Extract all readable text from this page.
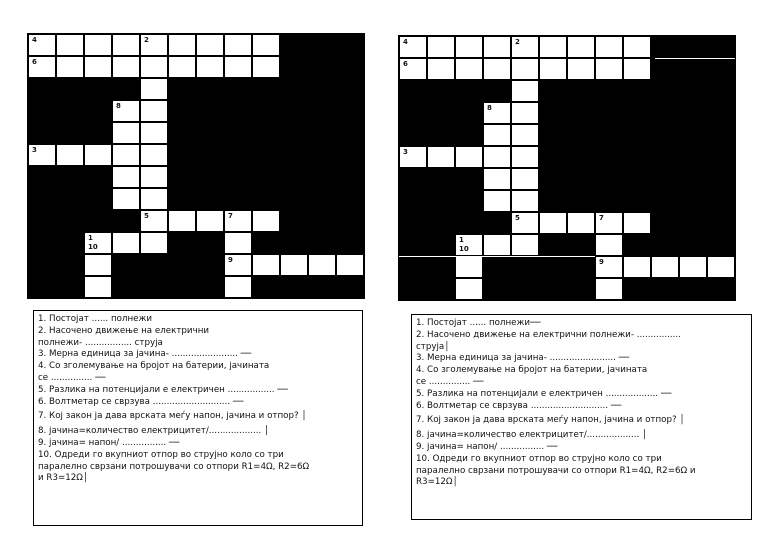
4	2
6
8
3
5	7
1
10
9
4	2
6
8
3
5	7
1
10
9

1. Постојат ...... полнежи

2. Насочено движење на електрични
полнежи- ................. струја

3. Мерна единица за јачина- ........................ ──

4. Со зголемување на бројот на батерии, јачината
се ............... ──

5. Разлика на потенцијали е електричен ................. ──

6. Волтметар се сврзува ............................ ──

7. Кој закон ја дава врската меѓу напон, јачина и отпор? │

8. јачина=количество електрицитет/................... │

9. јачина= напон/ ................ ──

10. Одреди го вкупниот отпор во струјно коло со три
паралелно сврзани потрошувачи со отпори R1=4Ω, R2=6Ω
и R3=12Ω│

1. Постојат ...... полнежи──

2. Насочено движење на електрични полнежи- ................
струја│

3. Мерна единица за јачина- ........................ ──

4. Со зголемување на бројот на батерии, јачината
се ............... ──

5. Разлика на потенцијали е електричен ................... ──

6. Волтметар се сврзува ............................ ──

7. Кој закон ја дава врската меѓу напон, јачина и отпор? │

8. јачина=количество електрицитет/................... │

9. јачина= напон/ ................ ──

10. Одреди го вкупниот отпор во струјно коло со три
паралелно сврзани потрошувачи со отпори R1=4Ω, R2=6Ω и
R3=12Ω│
